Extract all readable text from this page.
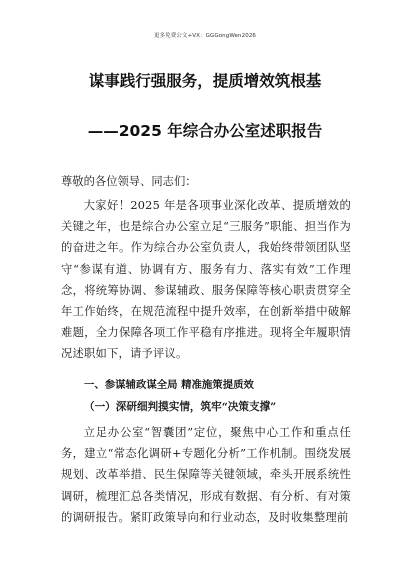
更多免费公文+VX：GGGongWen2026
谋事践行强服务，提质增效筑根基
——2025 年综合办公室述职报告
尊敬的各位领导、同志们：

大家好！2025 年是各项事业深化改革、提质增效的关键之年，也是综合办公室立足“三服务”职能、担当作为的奋进之年。作为综合办公室负责人，我始终带领团队坚守“参谋有道、协调有方、服务有力、落实有效”工作理念，将统筹协调、参谋辅政、服务保障等核心职责贯穿全年工作始终，在规范流程中提升效率，在创新举措中破解难题，全力保障各项工作平稳有序推进。现将全年履职情况述职如下，请予评议。

一、参谋辅政谋全局 精准施策提质效
（一）深研细判摸实情，筑牢“决策支撑”

立足办公室“智囊团”定位，聚焦中心工作和重点任务，建立“常态化调研+专题化分析”工作机制。围绕发展规划、改革举措、民生保障等关键领域，牵头开展系统性调研，梳理汇总各类情况，形成有数据、有分析、有对策的调研报告。紧盯政策导向和行业动态，及时收集整理前
